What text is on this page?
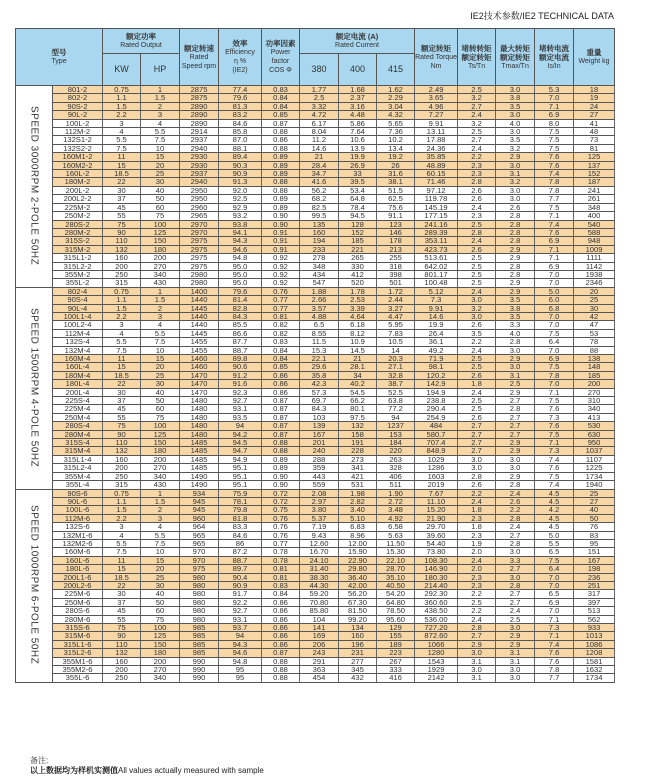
IE2技术参数/IE2 TECHNICAL DATA
型号
Type		额定功率
Rated Output		额定转速
Rated Speed rpm	效率
Efficiency
η %
(IE2)	功率因素
Power factor
COS Φ	额定电流 (A)
Rated Current			额定转矩
Rated Torque Nm	堵转转矩 额定转矩
Ts/Tn	最大转矩 额定转矩
Tmax/Tn	堵转电流 额定电流
Is/In	重量
Weight kg
		KW	HP				380	400	415					
SPEED 3000RPM 2-POLE 50HZ	801-2	0.75	1	2875	77.4	0.83	1.77	1.68	1.62	2.49	2.5	3.0	5.3	18
	802-2	1.1	1.5	2875	79.6	0.84	2.5	2.37	2.29	3.65	3.2	3.8	7.0	19
	90S-2	1.5	2	2890	81.3	0.84	3.32	3.16	3.04	4.96	2.7	3.5	7.1	24
	90L-2	2.2	3	2890	83.2	0.85	4.72	4.48	4.32	7.27	2.4	3.0	6.9	27
	100L-2	3	4	2890	84.6	0.87	6.17	5.86	5.65	9.91	3.2	4.0	8.0	41
	112M-2	4	5.5	2914	85.8	0.88	8.04	7.64	7.36	13.11	2.5	3.0	7.5	48
	132S1-2	5.5	7.5	2937	87.0	0.86	11.2	10.6	10.2	17.88	2.7	3.5	7.5	73
	132S2-2	7.5	10	2940	88.1	0.88	14.6	13.9	13.4	24.36	2.4	3.2	7.5	81
	160M1-2	11	15	2930	89.4	0.89	21	19.9	19.2	35.85	2.2	2.9	7.6	125
	160M2-2	15	20	2930	90.3	0.89	28.4	26.9	26	48.89	2.3	3.0	7.6	137
	160L-2	18.5	25	2937	90.9	0.89	34.7	33	31.6	60.15	2.3	3.1	7.4	152
	180M-2	22	30	2940	91.3	0.88	41.6	39.5	38.1	71.46	2.8	3.2	7.8	187
	200L-2	30	40	2950	92.0	0.88	56.2	53.4	51.5	97.12	2.6	3.0	7.8	241
	200L2-2	37	50	2950	92.5	0.89	68.2	64.8	62.5	119.78	2.6	3.0	7.7	261
	225M-2	45	60	2960	92.9	0.89	82.5	78.4	75.6	145.19	2.4	2.6	7.5	348
	250M-2	55	75	2965	93.2	0.90	99.5	94.5	91.1	177.15	2.3	2.8	7.1	400
	280S-2	75	100	2970	93.8	0.90	135	128	123	241.16	2.5	2.8	7.4	540
	280M-2	90	125	2970	94.1	0.91	160	152	146	289.39	2.8	2.8	7.6	588
	315S-2	110	150	2975	94.3	0.91	194	185	178	353.11	2.4	2.8	6.9	948
	315M-2	132	180	2975	94.6	0.91	233	221	213	423.73	2.6	2.9	7.1	1009
	315L1-2	160	200	2975	94.8	0.92	278	265	255	513.61	2.5	2.9	7.1	1111
	315L2-2	200	270	2975	95.0	0.92	348	330	318	642.02	2.5	2.8	6.9	1142
	355M-2	250	340	2980	95.0	0.92	434	412	398	801.17	2.5	2.8	7.0	1938
	355L-2	315	430	2980	95.0	0.92	547	520	501	100.48	2.5	2.9	7.0	2346
SPEED 1500RPM 4-POLE 50HZ	802-4	0.75	1	1400	79.6	0.76	1.88	1.78	1.72	5.12	2.4	2.9	5.0	20
	90S-4	1.1	1.5	1440	81.4	0.77	2.66	2.53	2.44	7.3	3.0	3.5	6.0	25
	90L-4	1.5	2	1445	82.8	0.77	3.57	3.39	3.27	9.91	3.2	3.8	6.8	30
	100L1-4	2.2	3	1440	84.3	0.81	4.88	4.64	4.47	14.6	3.0	3.5	7.0	42
	100L2-4	3	4	1440	85.5	0.82	6.5	6.18	5.95	19.9	2.6	3.3	7.0	47
	112M-4	4	5.5	1445	86.6	0.82	8.55	8.12	7.83	26.4	3.5	4.0	7.5	53
	132S-4	5.5	7.5	1455	87.7	0.83	11.5	10.9	10.5	36.1	2.2	2.8	6.4	78
	132M-4	7.5	10	1455	88.7	0.84	15.3	14.5	14	49.2	2.4	3.0	7.0	88
	160M-4	11	15	1460	89.8	0.84	22.1	21	20.3	71.9	2.5	2.9	6.9	138
	160L-4	15	20	1460	90.6	0.85	29.6	28.1	27.1	98.1	2.5	3.0	7.5	148
	180M-4	18.5	25	1470	91.2	0.86	35.8	34	32.8	120.2	2.6	3.1	7.8	185
	180L-4	22	30	1470	91.6	0.86	42.3	40.2	38.7	142.9	1.8	2.5	7.0	200
	200L-4	30	40	1470	92.3	0.86	57.3	54.5	52.5	194.9	2.4	2.9	7.1	270
	225S-4	37	50	1480	92.7	0.87	69.7	66.2	63.8	238.8	2.5	2.7	7.5	310
	225M-4	45	60	1480	93.1	0.87	84.3	80.1	77.2	290.4	2.5	2.8	7.6	340
	250M-4	55	75	1480	93.5	0.87	103	97.5	94	254.9	2.6	2.7	7.3	413
	280S-4	75	100	1480	94	0.87	139	132	1237	484	2.7	2.7	7.6	530
	280M-4	90	125	1480	94.2	0.87	167	158	153	580.7	2.7	2.7	7.5	630
	315S-4	110	150	1485	94.5	0.88	201	191	184	707.4	2.7	2.9	7.1	950
	315M-4	132	180	1485	94.7	0.88	240	228	220	848.9	2.7	2.9	7.3	1037
	315L1-4	160	200	1485	94.9	0.89	288	273	263	1029	3.0	3.0	7.4	1107
	315L2-4	200	270	1485	95.1	0.89	359	341	328	1286	3.0	3.0	7.6	1225
	355M-4	250	340	1490	95.1	0.90	443	421	406	1603	2.8	2.9	7.5	1734
	355L-4	315	430	1490	95.1	0.90	559	531	511	2019	2.6	2.8	7.4	1940
SPEED 1000RPM 6-POLE 50HZ	90S-6	0.75	1	934	75.9	0.72	2.08	1.98	1.90	7.67	2.2	2.4	4.5	25
	90L-6	1.1	1.5	945	78.1	0.72	2.97	2.82	2.72	11.10	2.4	2.6	4.5	27
	100L-6	1.5	2	945	79.8	0.75	3.80	3.40	3.48	15.20	1.8	2.2	4.2	40
	112M-6	2.2	3	960	81.8	0.76	5.37	5.10	4.92	21.90	2.3	2.8	4.5	50
	132S-6	3	4	964	83.3	0.76	7.19	6.83	6.58	29.70	1.8	2.4	4.5	76
	132M1-6	4	5.5	965	84.6	0.76	9.43	8.96	5.63	39.60	2.3	2.7	5.0	83
	132M2-6	5.5	7.5	965	86	0.77	12.60	12.00	11.50	54.40	1.9	2.8	5.5	95
	160M-6	7.5	10	970	87.2	0.78	16.70	15.90	15.30	73.80	2.0	3.0	6.5	151
	160L-6	11	15	970	88.7	0.78	24.10	22.90	22.10	108.30	2.4	3.3	7.5	167
	180L-6	15	20	975	89.7	0.81	31.40	29.80	28.70	146.90	2.0	2.7	6.4	198
	200L1-6	18.5	25	980	90.4	0.81	38.30	36.40	35.10	180.30	2.3	3.0	7.0	236
	200L2-6	22	30	980	90.9	0.83	44.30	42.00	40.50	214.40	2.3	2.8	7.0	251
	225M-6	30	40	980	91.7	0.84	59.20	56.20	54.20	292.30	2.2	2.7	6.5	317
	250M-6	37	50	980	92.2	0.86	70.80	67.30	64.80	360.60	2.5	2.7	6.9	397
	280S-6	45	60	980	92.7	0.86	85.80	81.50	78.50	438.50	2.2	2.4	7.0	513
	280M-6	55	75	980	93.1	0.86	104	99.20	95.60	536.00	2.4	2.5	7.1	562
	315S-6	75	100	985	93.7	0.86	141	134	129	727.20	2.8	3.0	7.3	933
	315M-6	90	125	985	94	0.86	169	160	155	872.60	2.7	2.9	7.1	1013
	315L1-6	110	150	985	94.3	0.86	206	196	189	1066	2.9	2.9	7.4	1086
	315L2-6	132	180	985	94.6	0.87	243	231	223	1280	3.0	3.1	7.6	1208
	355M1-6	160	200	990	94.8	0.88	291	277	267	1543	3.1	3.1	7.6	1581
	355M2-6	200	270	990	95	0.88	363	345	333	1929	3.0	3.0	7.8	1632
	355L-6	250	340	990	95	0.88	454	432	416	2142	3.1	3.0	7.7	1734
备注:
以上数据均为样机实测值All values actually measured with sample
